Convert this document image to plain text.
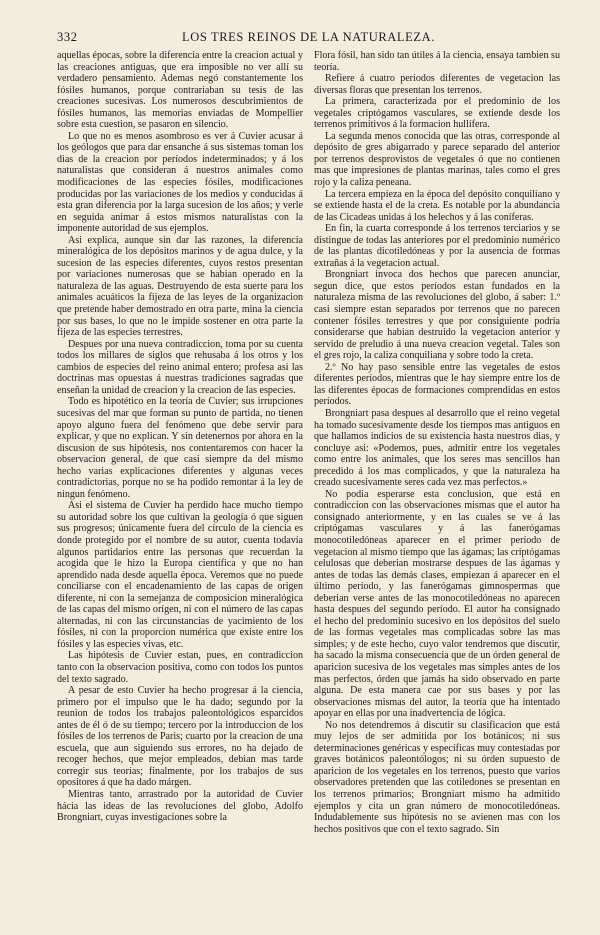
332	LOS TRES REINOS DE LA NATURALEZA.

aquellas épocas, sobre la diferencia entre la creacion actual y las creaciones antiguas, que era imposible no ver allí su verdadero pensamiento. Ademas negó constantemente los fósiles humanos, porque contrariaban su tesis de las creaciones sucesivas. Los numerosos descubrimientos de fósiles humanos, las memorias enviadas de Mompellier sobre esta cuestion, se pasaron en silencio.

Lo que no es menos asombroso es ver á Cuvier acusar á los geólogos que para dar ensanche á sus sistemas toman los dias de la creacion por períodos indeterminados; y á los naturalistas que consideran á nuestros animales como modificaciones de las especies fósiles, modificaciones producidas por las variaciones de los medios y conducidas á esta gran diferencia por la larga sucesion de los años; y verle en seguida animar á estos mismos naturalistas con la imponente autoridad de sus ejemplos.

Asi explica, aunque sin dar las razones, la diferencia mineralógica de los depósitos marinos y de agua dulce, y la sucesion de las especies diferentes, cuyos restos presentan por variaciones numerosas que se habian operado en la naturaleza de las aguas. Destruyendo de esta suerte para los animales acuáticos la fijeza de las leyes de la organizacion que pretende haber demostrado en otra parte, mina la ciencia por sus bases, lo que no le impide sostener en otra parte la fijeza de las especies terrestres.

Despues por una nueva contradiccion, toma por su cuenta todos los millares de siglos que rehusaba á los otros y los cambios de especies del reino animal entero; profesa asi las doctrinas mas opuestas á nuestras tradiciones sagradas que enseñan la unidad de creacion y la creacion de las especies.

Todo es hipotético en la teoría de Cuvier; sus irrupciones sucesivas del mar que forman su punto de partida, no tienen apoyo alguno fuera del fenómeno que debe servir para explicar, y que no explican. Y sin detenernos por ahora en la discusion de sus hipótesis, nos contentaremos con hacer la observacion general, de que casi siempre da del mismo hecho varias explicaciones diferentes y algunas veces contradictorias, porque no se ha podido remontar á la ley de ningun fenómeno.

Asi el sistema de Cuvier ha perdido hace mucho tiempo su autoridad sobre los que cultivan la geología ó que siguen sus progresos; únicamente fuera del círculo de la ciencia es donde protegido por el nombre de su autor, cuenta todavía algunos partidarios entre las personas que recuerdan la acogida que le hizo la Europa científica y que no han aprendido nada desde aquella época. Veremos que no puede conciliarse con el encadenamiento de las capas de origen diferente, ni con la semejanza de composicion mineralógica de las capas del mismo orígen, ni con el número de las capas alternadas, ni con las circunstancias de yacimiento de los fósiles, ni con la proporcion numérica que existe entre los fósiles y las especies vivas, etc.

Las hipótesis de Cuvier estan, pues, en contradiccion tanto con la observacion positiva, como con todos los puntos del texto sagrado.

A pesar de esto Cuvier ha hecho progresar á la ciencia, primero por el impulso que le ha dado; segundo por la reunion de todos los trabajos paleontológicos esparcidos antes de él ó de su tiempo; tercero por la introduccion de los fósiles de los terrenos de Paris; cuarto por la creacion de una escuela, que aun siguiendo sus errores, no ha dejado de recoger hechos, que mejor empleados, debian mas tarde corregir sus teorías; finalmente, por los trabajos de sus opositores á que ha dado márgen.

Mientras tanto, arrastrado por la autoridad de Cuvier hácia las ideas de las revoluciones del globo, Adolfo Brongniart, cuyas investigaciones sobre la

Flora fósil, han sido tan útiles á la ciencia, ensaya tambien su teoría.

Refiere á cuatro períodos diferentes de vegetacion las diversas floras que presentan los terrenos.

La primera, caracterizada por el predominio de los vegetales criptógamos vasculares, se extiende desde los terrenos primitivos á la formacion hullífera.

La segunda menos conocida que las otras, corresponde al depósito de gres abigarrado y parece separado del anterior por terrenos desprovistos de vegetales ó que no contienen mas que impresiones de plantas marinas, tales como el gres rojo y la caliza peneana.

La tercera empieza en la época del depósito conquiliano y se extiende hasta el de la creta. Es notable por la abundancia de las Cicadeas unidas á los helechos y á las coníferas.

En fin, la cuarta corresponde á los terrenos terciarios y se distingue de todas las anteriores por el predominio numérico de las plantas dicotiledóneas y por la ausencia de formas extrañas á la vegetacion actual.

Brongniart invoca dos hechos que parecen anunciar, segun dice, que estos períodos estan fundados en la naturaleza misma de las revoluciones del globo, á saber: 1.º casi siempre estan separados por terrenos que no parecen contener fósiles terrestres y que por consiguiente podria considerarse que habian destruido la vegetacion anterior y servido de preludio á una nueva creacion vegetal. Tales son el gres rojo, la caliza conquiliana y sobre todo la creta.

2.º No hay paso sensible entre las vegetales de estos diferentes períodos, mientras que le hay siempre entre los de las diferentes épocas de formaciones comprendidas en estos períodos.

Brongniart pasa despues al desarrollo que el reino vegetal ha tomado sucesivamente desde los tiempos mas antiguos en que hallamos indicios de su existencia hasta nuestros dias, y concluye asi: «Podemos, pues, admitir entre los vegetales como entre los animales, que los seres mas sencillos han precedido á los mas complicados, y que la naturaleza ha creado sucesivamente seres cada vez mas perfectos.»

No podia esperarse esta conclusion, que está en contradiccion con las observaciones mismas que el autor ha consignado anteriormente, y en las cuales se ve á las criptógamas vasculares y á las fanerógamas monocotiledóneas aparecer en el primer período de vegetacion al mismo tiempo que las ágamas; las criptógamas celulosas que deberian mostrarse despues de las ágamas y antes de todas las demás clases, empiezan á aparecer en el último período, y las fanerógamas gimnospermas que deberian verse antes de las monocotiledóneas no aparecen hasta despues del segundo período. El autor ha consignado el hecho del predominio sucesivo en los depósitos del suelo de las formas vegetales mas complicadas sobre las mas simples; y de este hecho, cuyo valor tendremos que discutir, ha sacado la misma consecuencia que de un órden general de aparicion sucesiva de los vegetales mas simples antes de los mas perfectos, órden que jamás ha sido observado en parte alguna. De esta manera cae por sus bases y por las observaciones mismas del autor, la teoría que ha intentado apoyar en ellas por una inadvertencia de lógica.

No nos detendremos á discutir su clasificacion que está muy lejos de ser admitida por los botánicos; ni sus determinaciones genéricas y específicas muy contestadas por graves botánicos paleontólogos; ni su órden supuesto de aparicion de los vegetales en los terrenos, puesto que varios observadores pretenden que las cotiledones se presentan en los terrenos primarios; Brongniart mismo ha admitido ejemplos y cita un gran número de monocotiledóneas. Indudablemente sus hipótesis no se avienen mas con los hechos positivos que con el texto sagrado. Sin
